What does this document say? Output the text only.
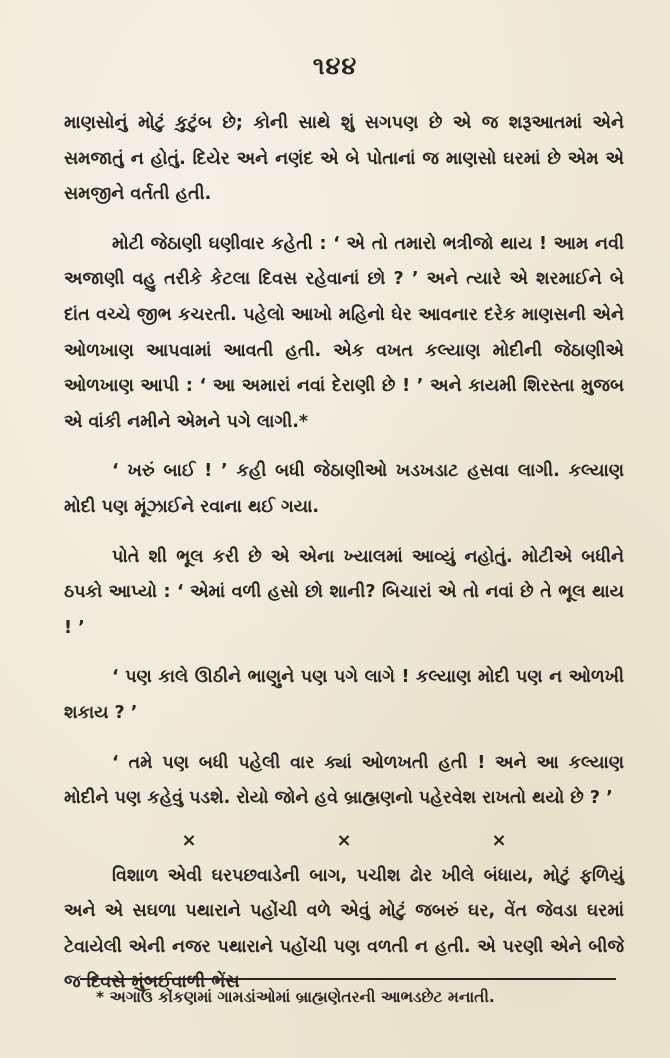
૧૪૪

માણસોનું મોટું કુટુંબ છે; કોની સાથે શું સગપણ છે એ જ શરૂઆતમાં એને સમજાતું ન હોતું. દિયેર અને નણંદ એ બે પોતાનાં જ માણસો ઘરમાં છે એમ એ સમજીને વર્તતી હતી.

મોટી જેઠાણી ઘણીવાર કહેતી : ‘ એ તો તમારો ભત્રીજો થાય ! આમ નવી અજાણી વહુ તરીકે કેટલા દિવસ રહેવાનાં છો ? ’ અને ત્યારે એ શરમાઈને બે દાંત વચ્ચે જીભ કચરતી. પહેલો આખો મહિનો ઘેર આવનાર દરેક માણસની એને ઓળખાણ આપવામાં આવતી હતી. એક વખત કલ્યાણ મોદીની જેઠાણીએ ઓળખાણ આપી : ‘ આ અમારાં નવાં દેરાણી છે ! ’ અને કાયમી શિરસ્તા મુજબ એ વાંકી નમીને એમને પગે લાગી.*

‘ ખરું બાઈ ! ’ કહી બધી જેઠાણીઓ ખડખડાટ હસવા લાગી. કલ્યાણ મોદી પણ મૂંઝાઈને રવાના થઈ ગયા.

પોતે શી ભૂલ કરી છે એ એના ખ્યાલમાં આવ્યું નહોતું. મોટીએ બધીને ઠપકો આપ્યો : ‘ એમાં વળી હસો છો શાની? બિચારાં એ તો નવાં છે તે ભૂલ થાય ! ’

‘ પણ કાલે ઊઠીને ભાણુને પણ પગે લાગે ! કલ્યાણ મોદી પણ ન ઓળખી શકાય ? ’

‘ તમે પણ બધી પહેલી વાર ક્યાં ઓળખતી હતી ! અને આ કલ્યાણ મોદીને પણ કહેવું પડશે. રોયો જોને હવે બ્રાહ્મણનો પહેરવેશ રાખતો થયો છે ? ’

×	×	×

વિશાળ એવી ઘરપછવાડેની બાગ, પચીશ ઢોર ખીલે બંધાય, મોટું ફળિયું અને એ સઘળા પથારાને પહોંચી વળે એવું મોટું જબરું ઘર, વેંત જેવડા ઘરમાં ટેવાયેલી એની નજર પથારાને પહોંચી પણ વળતી ન હતી. એ પરણી એને બીજે જ દિવસે મુંબઈવાળી ભેંસ

* અગાઉ કોંકણમાં ગામડાંઓમાં બ્રાહ્મણેતરની આભડછેટ મનાતી.
